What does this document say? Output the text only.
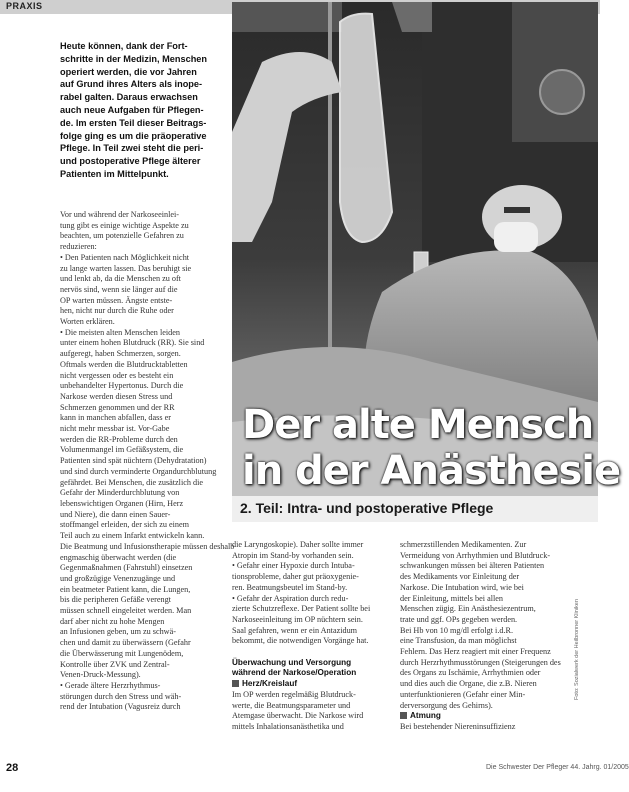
PRAXIS
Heute können, dank der Fort-
schritte in der Medizin, Menschen
operiert werden, die vor Jahren
auf Grund ihres Alters als inope-
rabel galten. Daraus erwachsen
auch neue Aufgaben für Pflegen-
de. Im ersten Teil dieser Beitrags-
folge ging es um die präoperative
Pflege. In Teil zwei steht die peri-
und postoperative Pflege älterer
Patienten im Mittelpunkt.
Der alte Mensch
in der Anästhesie
2. Teil: Intra- und postoperative Pflege
Vor und während der Narkoseeinlei-
tung gibt es einige wichtige Aspekte zu
beachten, um potenzielle Gefahren zu
reduzieren:
• Den Patienten nach Möglichkeit nicht
zu lange warten lassen. Das beruhigt sie
und lenkt ab, da die Menschen zu oft
nervös sind, wenn sie länger auf die
OP warten müssen. Ängste entste-
hen, nicht nur durch die Ruhe oder
Worten erklären.
• Die meisten alten Menschen leiden
unter einem hohen Blutdruck (RR). Sie sind
aufgeregt, haben Schmerzen, sorgen.
Oftmals werden die Blutdrucktabletten
nicht vergessen oder es besteht ein
unbehandelter Hypertonus. Durch die
Narkose werden diesen Stress und
Schmerzen genommen und der RR
kann in manchen abfallen, dass er
nicht mehr messbar ist. Vor-Gabe
werden die RR-Probleme durch den
Volumenmangel im Gefäßsystem, die
Patienten sind spät nüchtern (Dehydratation)
und sind durch verminderte Organdurchblutung
gefährdet. Bei Menschen, die zusätzlich die
Gefahr der Minderdurchblutung von
lebenswichtigen Organen (Hirn, Herz
und Niere), die dann einen Sauer-
stoffmangel erleiden, der sich zu einem
Teil auch zu einem Infarkt entwickeln kann.
Die Beatmung und Infusionstherapie müssen deshalb
engmaschig überwacht werden (die
Gegenmaßnahmen (Fahrstuhl) einsetzen
und großzügige Venenzugänge und
ein beatmeter Patient kann, die Lungen,
bis die peripheren Gefäße verengt
müssen schnell eingeleitet werden. Man
darf aber nicht zu hohe Mengen
an Infusionen geben, um zu schwä-
chen und damit zu überwässern (Gefahr
die Überwässerung mit Lungenödem,
Kontrolle über ZVK und Zentral-
Venen-Druck-Messung).
• Gerade ältere Herzrhythmus-
störungen durch den Stress und wäh-
rend der Intubation (Vagusreiz durch
die Laryngoskopie). Daher sollte immer
Atropin im Stand-by vorhanden sein.
• Gefahr einer Hypoxie durch Intuba-
tionsprobleme, daher gut präoxygenie-
ren. Beatmungsbeutel im Stand-by.
• Gefahr der Aspiration durch redu-
zierte Schutzreflexe. Der Patient sollte bei
Narkoseeinleitung im OP nüchtern sein.
Saal gefahren, wenn er ein Antazidum
bekommt, die notwendigen Vorgänge hat.

Überwachung und Versorgung
während der Narkose/Operation
Herz/Kreislauf
Im OP werden regelmäßig Blutdruck-
werte, die Beatmungsparameter und
Atemgase überwacht. Die Narkose wird
mittels Inhalationsanästhetika und
schmerzstillenden Medikamenten. Zur
Vermeidung von Arrhythmien und Blutdruck-
schwankungen müssen bei älteren Patienten
des Medikaments vor Einleitung der
Narkose. Die Intubation wird, wie bei
der Einleitung, mittels bei allen
Menschen zügig. Ein Anästhesiezentrum,
trate und ggf. OPs gegeben werden.
Bei Hb von 10 mg/dl erfolgt i.d.R.
eine Transfusion, da man möglichst
Fehlern. Das Herz reagiert mit einer Frequenz
durch Herzrhythmusstörungen (Steigerungen des
des Organs zu Ischämie, Arrhythmien oder
und dies auch die Organe, die z.B. Nieren
unterfunktionieren (Gefahr einer Min-
derversorgung des Gehirns).
Atmung
Bei bestehender Niereninsuffizienz
28	Die Schwester Der Pfleger 44. Jahrg. 01/2005
Foto: Sozialwerk der Heilbronner Kliniken
